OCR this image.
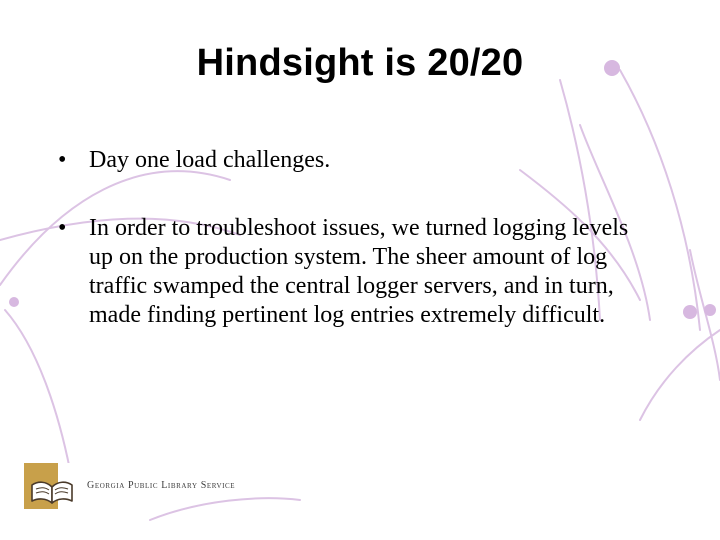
Hindsight is 20/20
• Day one load challenges.
• In order to troubleshoot issues, we turned logging levels up on the production system. The sheer amount of log traffic swamped the central logger servers, and in turn, made finding pertinent log entries extremely difficult.
Georgia Public Library Service
